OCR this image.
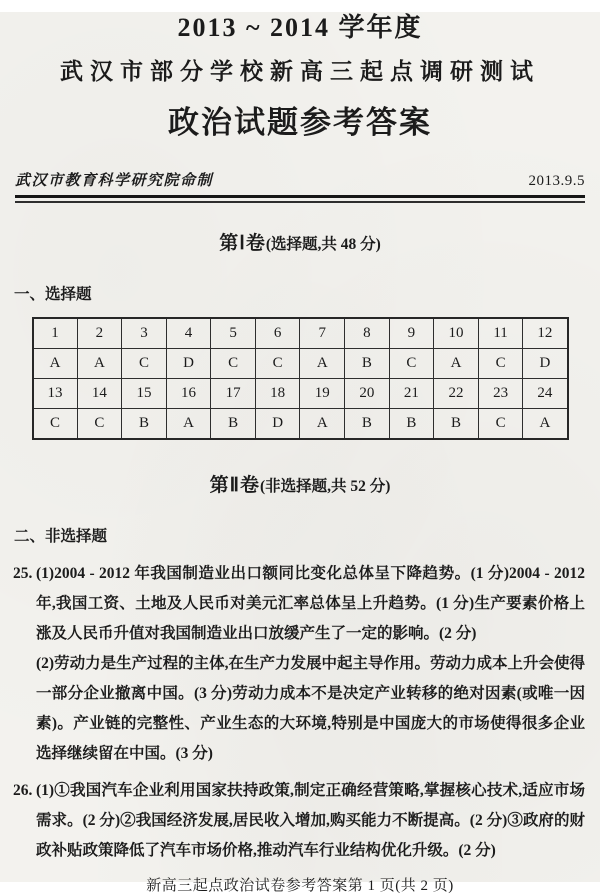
2013 ~ 2014 学年度
武汉市部分学校新高三起点调研测试
政治试题参考答案
武汉市教育科学研究院命制	2013.9.5
第Ⅰ卷(选择题,共 48 分)
一、选择题
1	2	3	4	5	6	7	8	9	10	11	12
A	A	C	D	C	C	A	B	C	A	C	D
13	14	15	16	17	18	19	20	21	22	23	24
C	C	B	A	B	D	A	B	B	B	C	A
第Ⅱ卷(非选择题,共 52 分)
二、非选择题
25. (1)2004 - 2012 年我国制造业出口额同比变化总体呈下降趋势。(1 分)2004 - 2012 年,我国工资、土地及人民币对美元汇率总体呈上升趋势。(1 分)生产要素价格上涨及人民币升值对我国制造业出口放缓产生了一定的影响。(2 分)

(2)劳动力是生产过程的主体,在生产力发展中起主导作用。劳动力成本上升会使得一部分企业撤离中国。(3 分)劳动力成本不是决定产业转移的绝对因素(或唯一因素)。产业链的完整性、产业生态的大环境,特别是中国庞大的市场使得很多企业选择继续留在中国。(3 分)

26. (1)①我国汽车企业利用国家扶持政策,制定正确经营策略,掌握核心技术,适应市场需求。(2 分)②我国经济发展,居民收入增加,购买能力不断提高。(2 分)③政府的财政补贴政策降低了汽车市场价格,推动汽车行业结构优化升级。(2 分)

新高三起点政治试卷参考答案第 1 页(共 2 页)
